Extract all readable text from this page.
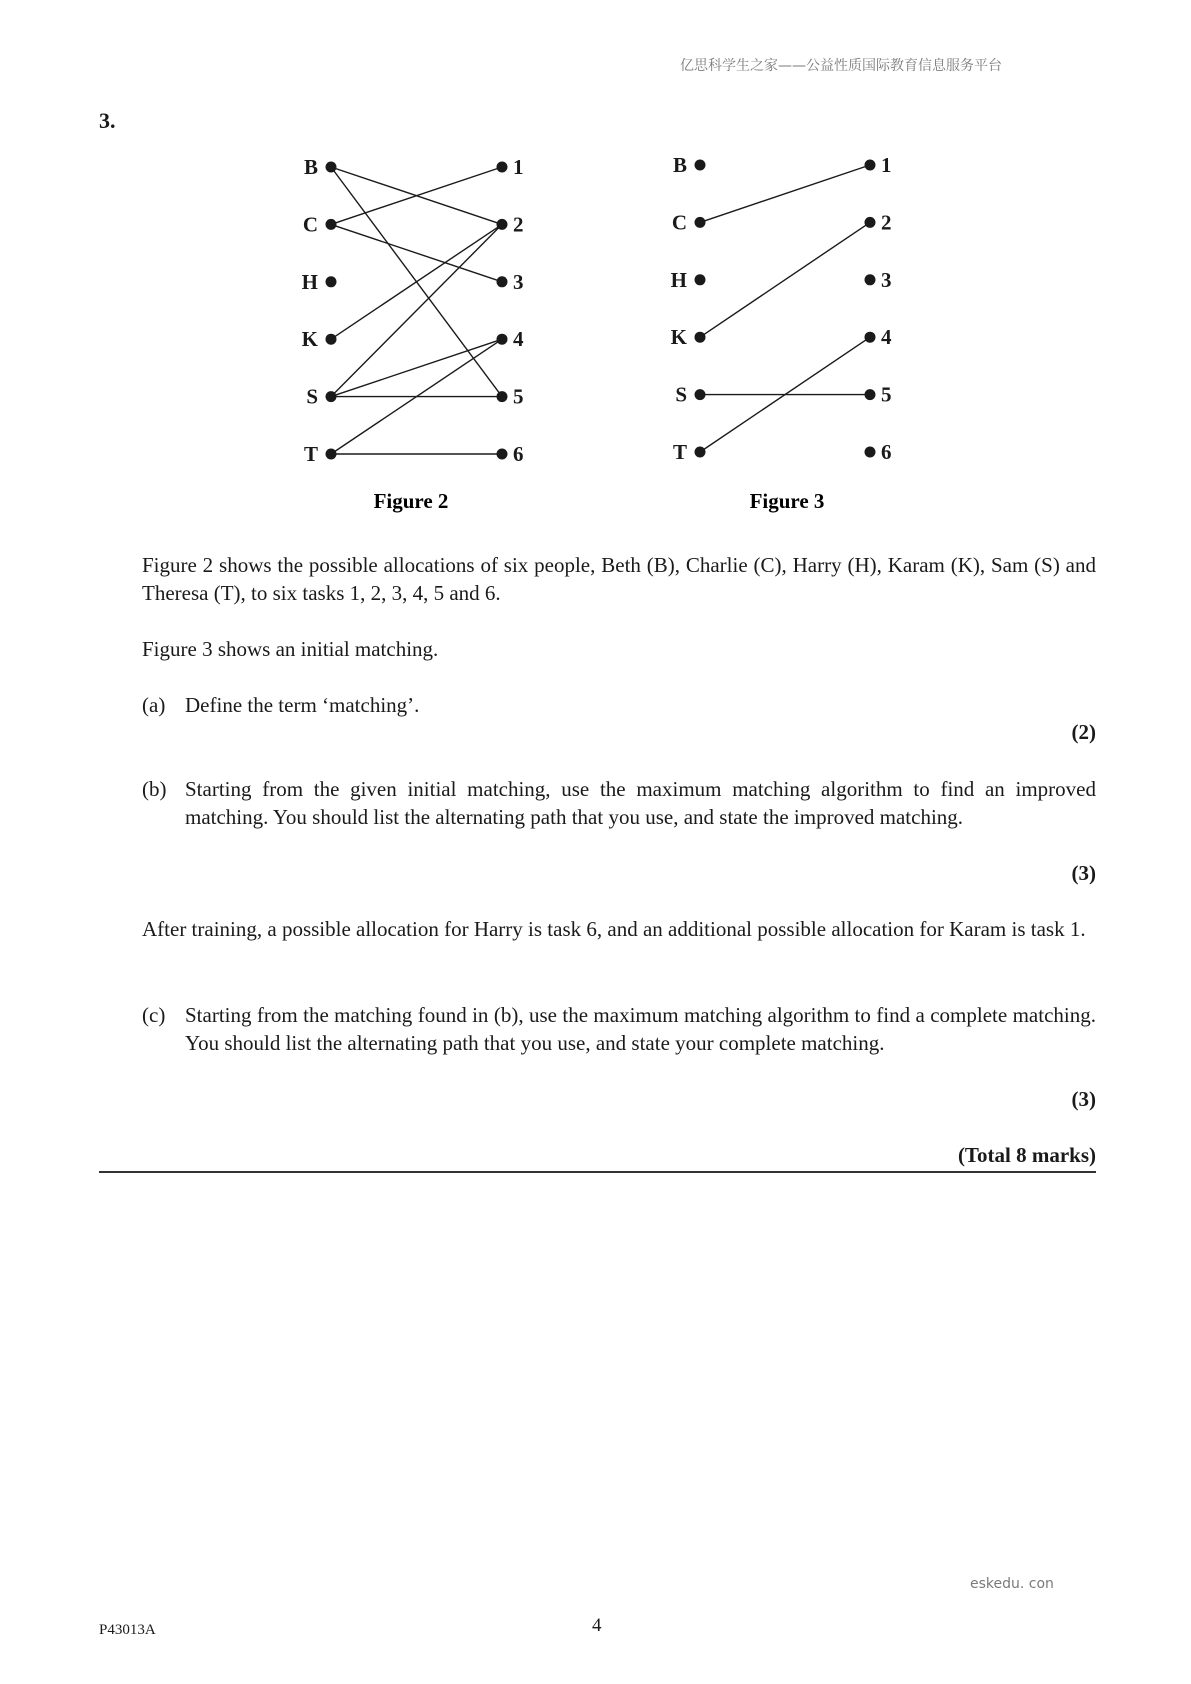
亿思科学生之家——公益性质国际教育信息服务平台
3.
B
C
H
K
S
T
1
2
3
4
5
6
Figure 2
B
C
H
K
S
T
1
2
3
4
5
6
Figure 3
Figure 2 shows the possible allocations of six people, Beth (B), Charlie (C), Harry (H), Karam (K), Sam (S) and Theresa (T), to six tasks 1, 2, 3, 4, 5 and 6.
Figure 3 shows an initial matching.
(a) Define the term ‘matching’.
(2)
(b) Starting from the given initial matching, use the maximum matching algorithm to find an improved matching. You should list the alternating path that you use, and state the improved matching.
(3)
After training, a possible allocation for Harry is task 6, and an additional possible allocation for Karam is task 1.
(c) Starting from the matching found in (b), use the maximum matching algorithm to find a complete matching. You should list the alternating path that you use, and state your complete matching.
(3)
(Total 8 marks)
eskedu. con
P43013A	4
